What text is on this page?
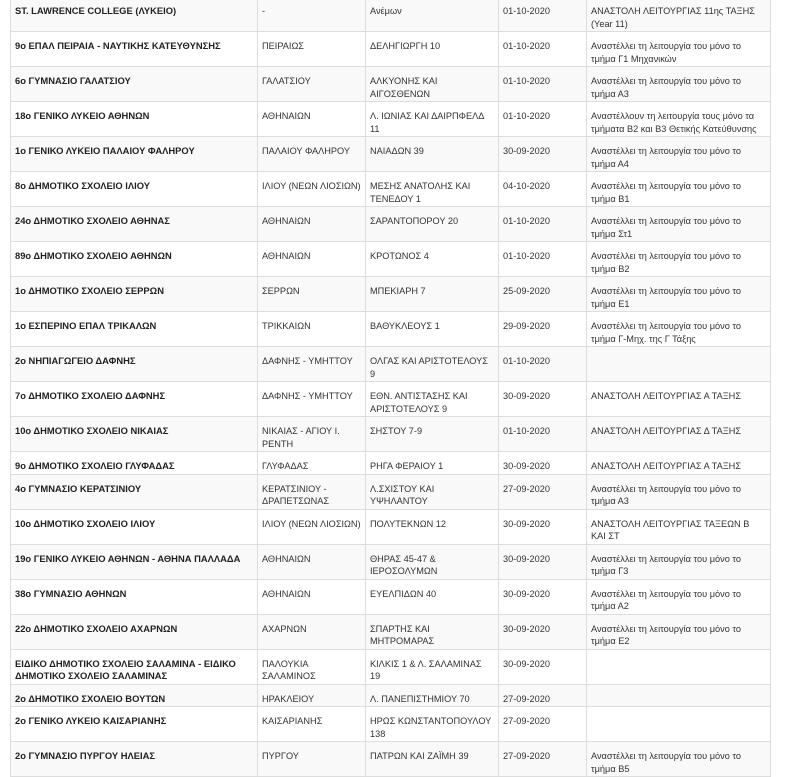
ST. LAWRENCE COLLEGE (ΛΥΚΕΙΟ)	-	Ανέμων	01-10-2020	ΑΝΑΣΤΟΛΗ ΛΕΙΤΟΥΡΓΙΑΣ 11ης ΤΑΞΗΣ (Year 11)
9ο ΕΠΑΛ ΠΕΙΡΑΙΑ - ΝΑΥΤΙΚΗΣ ΚΑΤΕΥΘΥΝΣΗΣ	ΠΕΙΡΑΙΩΣ	ΔΕΛΗΓΙΩΡΓΗ 10	01-10-2020	Αναστέλλει τη λειτουργία του μόνο το τμήμα Γ1 Μηχανικών
6ο ΓΥΜΝΑΣΙΟ ΓΑΛΑΤΣΙΟΥ	ΓΑΛΑΤΣΙΟΥ	ΑΛΚΥΟΝΗΣ ΚΑΙ ΑΙΓΟΣΘΕΝΩΝ	01-10-2020	Αναστέλλει τη λειτουργία του μόνο το τμήμα Α3
18ο ΓΕΝΙΚΟ ΛΥΚΕΙΟ ΑΘΗΝΩΝ	ΑΘΗΝΑΙΩΝ	Λ. ΙΩΝΙΑΣ ΚΑΙ ΔΑΙΡΠΦΕΛΔ 11	01-10-2020	Αναστέλλουν τη λειτουργία τους μόνο τα τμήματα Β2 και Β3 Θετικής Κατεύθυνσης
1ο ΓΕΝΙΚΟ ΛΥΚΕΙΟ ΠΑΛΑΙΟΥ ΦΑΛΗΡΟΥ	ΠΑΛΑΙΟΥ ΦΑΛΗΡΟΥ	ΝΑΙΑΔΩΝ 39	30-09-2020	Αναστέλλει τη λειτουργία του μόνο το τμήμα Α4
8ο ΔΗΜΟΤΙΚΟ ΣΧΟΛΕΙΟ ΙΛΙΟΥ	ΙΛΙΟΥ (ΝΕΩΝ ΛΙΟΣΙΩΝ)	ΜΕΣΗΣ ΑΝΑΤΟΛΗΣ ΚΑΙ ΤΕΝΕΔΟΥ 1	04-10-2020	Αναστέλλει τη λειτουργία του μόνο το τμήμα Β1
24ο ΔΗΜΟΤΙΚΟ ΣΧΟΛΕΙΟ ΑΘΗΝΑΣ	ΑΘΗΝΑΙΩΝ	ΣΑΡΑΝΤΟΠΟΡΟΥ 20	01-10-2020	Αναστέλλει τη λειτουργία του μόνο το τμήμα Στ1
89ο ΔΗΜΟΤΙΚΟ ΣΧΟΛΕΙΟ ΑΘΗΝΩΝ	ΑΘΗΝΑΙΩΝ	ΚΡΟΤΩΝΟΣ 4	01-10-2020	Αναστέλλει τη λειτουργία του μόνο το τμήμα Β2
1ο ΔΗΜΟΤΙΚΟ ΣΧΟΛΕΙΟ ΣΕΡΡΩΝ	ΣΕΡΡΩΝ	ΜΠΕΚΙΑΡΗ 7	25-09-2020	Αναστέλλει τη λειτουργία του μόνο το τμήμα Ε1
1ο ΕΣΠΕΡΙΝΟ ΕΠΑΛ ΤΡΙΚΑΛΩΝ	ΤΡΙΚΚΑΙΩΝ	ΒΑΘΥΚΛΕΟΥΣ 1	29-09-2020	Αναστέλλει τη λειτουργία του μόνο το τμήμα Γ-Μηχ. της Γ Τάξης
2ο ΝΗΠΙΑΓΩΓΕΙΟ ΔΑΦΝΗΣ	ΔΑΦΝΗΣ - ΥΜΗΤΤΟΥ	ΟΛΓΑΣ ΚΑΙ ΑΡΙΣΤΟΤΕΛΟΥΣ 9	01-10-2020	
7ο ΔΗΜΟΤΙΚΟ ΣΧΟΛΕΙΟ ΔΑΦΝΗΣ	ΔΑΦΝΗΣ - ΥΜΗΤΤΟΥ	ΕΘΝ. ΑΝΤΙΣΤΑΣΗΣ ΚΑΙ ΑΡΙΣΤΟΤΕΛΟΥΣ 9	30-09-2020	ΑΝΑΣΤΟΛΗ ΛΕΙΤΟΥΡΓΙΑΣ Α ΤΑΞΗΣ
10ο ΔΗΜΟΤΙΚΟ ΣΧΟΛΕΙΟ ΝΙΚΑΙΑΣ	ΝΙΚΑΙΑΣ - ΑΓΙΟΥ Ι. ΡΕΝΤΗ	ΣΗΣΤΟΥ 7-9	01-10-2020	ΑΝΑΣΤΟΛΗ ΛΕΙΤΟΥΡΓΙΑΣ Δ ΤΑΞΗΣ
9ο ΔΗΜΟΤΙΚΟ ΣΧΟΛΕΙΟ ΓΛΥΦΑΔΑΣ	ΓΛΥΦΑΔΑΣ	ΡΗΓΑ ΦΕΡΑΙΟΥ 1	30-09-2020	ΑΝΑΣΤΟΛΗ ΛΕΙΤΟΥΡΓΙΑΣ Α ΤΑΞΗΣ
4ο ΓΥΜΝΑΣΙΟ ΚΕΡΑΤΣΙΝΙΟΥ	ΚΕΡΑΤΣΙΝΙΟΥ - ΔΡΑΠΕΤΣΩΝΑΣ	Λ.ΣΧΙΣΤΟΥ ΚΑΙ ΥΨΗΛΑΝΤΟΥ	27-09-2020	Αναστέλλει τη λειτουργία του μόνο το τμήμα Α3
10ο ΔΗΜΟΤΙΚΟ ΣΧΟΛΕΙΟ ΙΛΙΟΥ	ΙΛΙΟΥ (ΝΕΩΝ ΛΙΟΣΙΩΝ)	ΠΟΛΥΤΕΚΝΩΝ 12	30-09-2020	ΑΝΑΣΤΟΛΗ ΛΕΙΤΟΥΡΓΙΑΣ ΤΑΞΕΩΝ Β ΚΑΙ ΣΤ
19ο ΓΕΝΙΚΟ ΛΥΚΕΙΟ ΑΘΗΝΩΝ - ΑΘΗΝΑ ΠΑΛΛΑΔΑ	ΑΘΗΝΑΙΩΝ	ΘΗΡΑΣ 45-47 & ΙΕΡΟΣΟΛΥΜΩΝ	30-09-2020	Αναστέλλει τη λειτουργία του μόνο το τμήμα Γ3
38ο ΓΥΜΝΑΣΙΟ ΑΘΗΝΩΝ	ΑΘΗΝΑΙΩΝ	ΕΥΕΛΠΙΔΩΝ 40	30-09-2020	Αναστέλλει τη λειτουργία του μόνο το τμήμα Α2
22ο ΔΗΜΟΤΙΚΟ ΣΧΟΛΕΙΟ ΑΧΑΡΝΩΝ	ΑΧΑΡΝΩΝ	ΣΠΑΡΤΗΣ ΚΑΙ ΜΗΤΡΟΜΑΡΑΣ	30-09-2020	Αναστέλλει τη λειτουργία του μόνο το τμήμα Ε2
ΕΙΔΙΚΟ ΔΗΜΟΤΙΚΟ ΣΧΟΛΕΙΟ ΣΑΛΑΜΙΝΑ - ΕΙΔΙΚΟ ΔΗΜΟΤΙΚΟ ΣΧΟΛΕΙΟ ΣΑΛΑΜΙΝΑΣ	ΠΑΛΟΥΚΙΑ ΣΑΛΑΜΙΝΟΣ	ΚΙΛΚΙΣ 1 & Λ. ΣΑΛΑΜΙΝΑΣ 19	30-09-2020	
2ο ΔΗΜΟΤΙΚΟ ΣΧΟΛΕΙΟ ΒΟΥΤΩΝ	ΗΡΑΚΛΕΙΟΥ	Λ. ΠΑΝΕΠΙΣΤΗΜΙΟΥ 70	27-09-2020	
2ο ΓΕΝΙΚΟ ΛΥΚΕΙΟ ΚΑΙΣΑΡΙΑΝΗΣ	ΚΑΙΣΑΡΙΑΝΗΣ	ΗΡΩΣ ΚΩΝΣΤΑΝΤΟΠΟΥΛΟΥ 138	27-09-2020	
2ο ΓΥΜΝΑΣΙΟ ΠΥΡΓΟΥ ΗΛΕΙΑΣ	ΠΥΡΓΟΥ	ΠΑΤΡΩΝ ΚΑΙ ΖΑΪΜΗ 39	27-09-2020	Αναστέλλει τη λειτουργία του μόνο το τμήμα Β5
